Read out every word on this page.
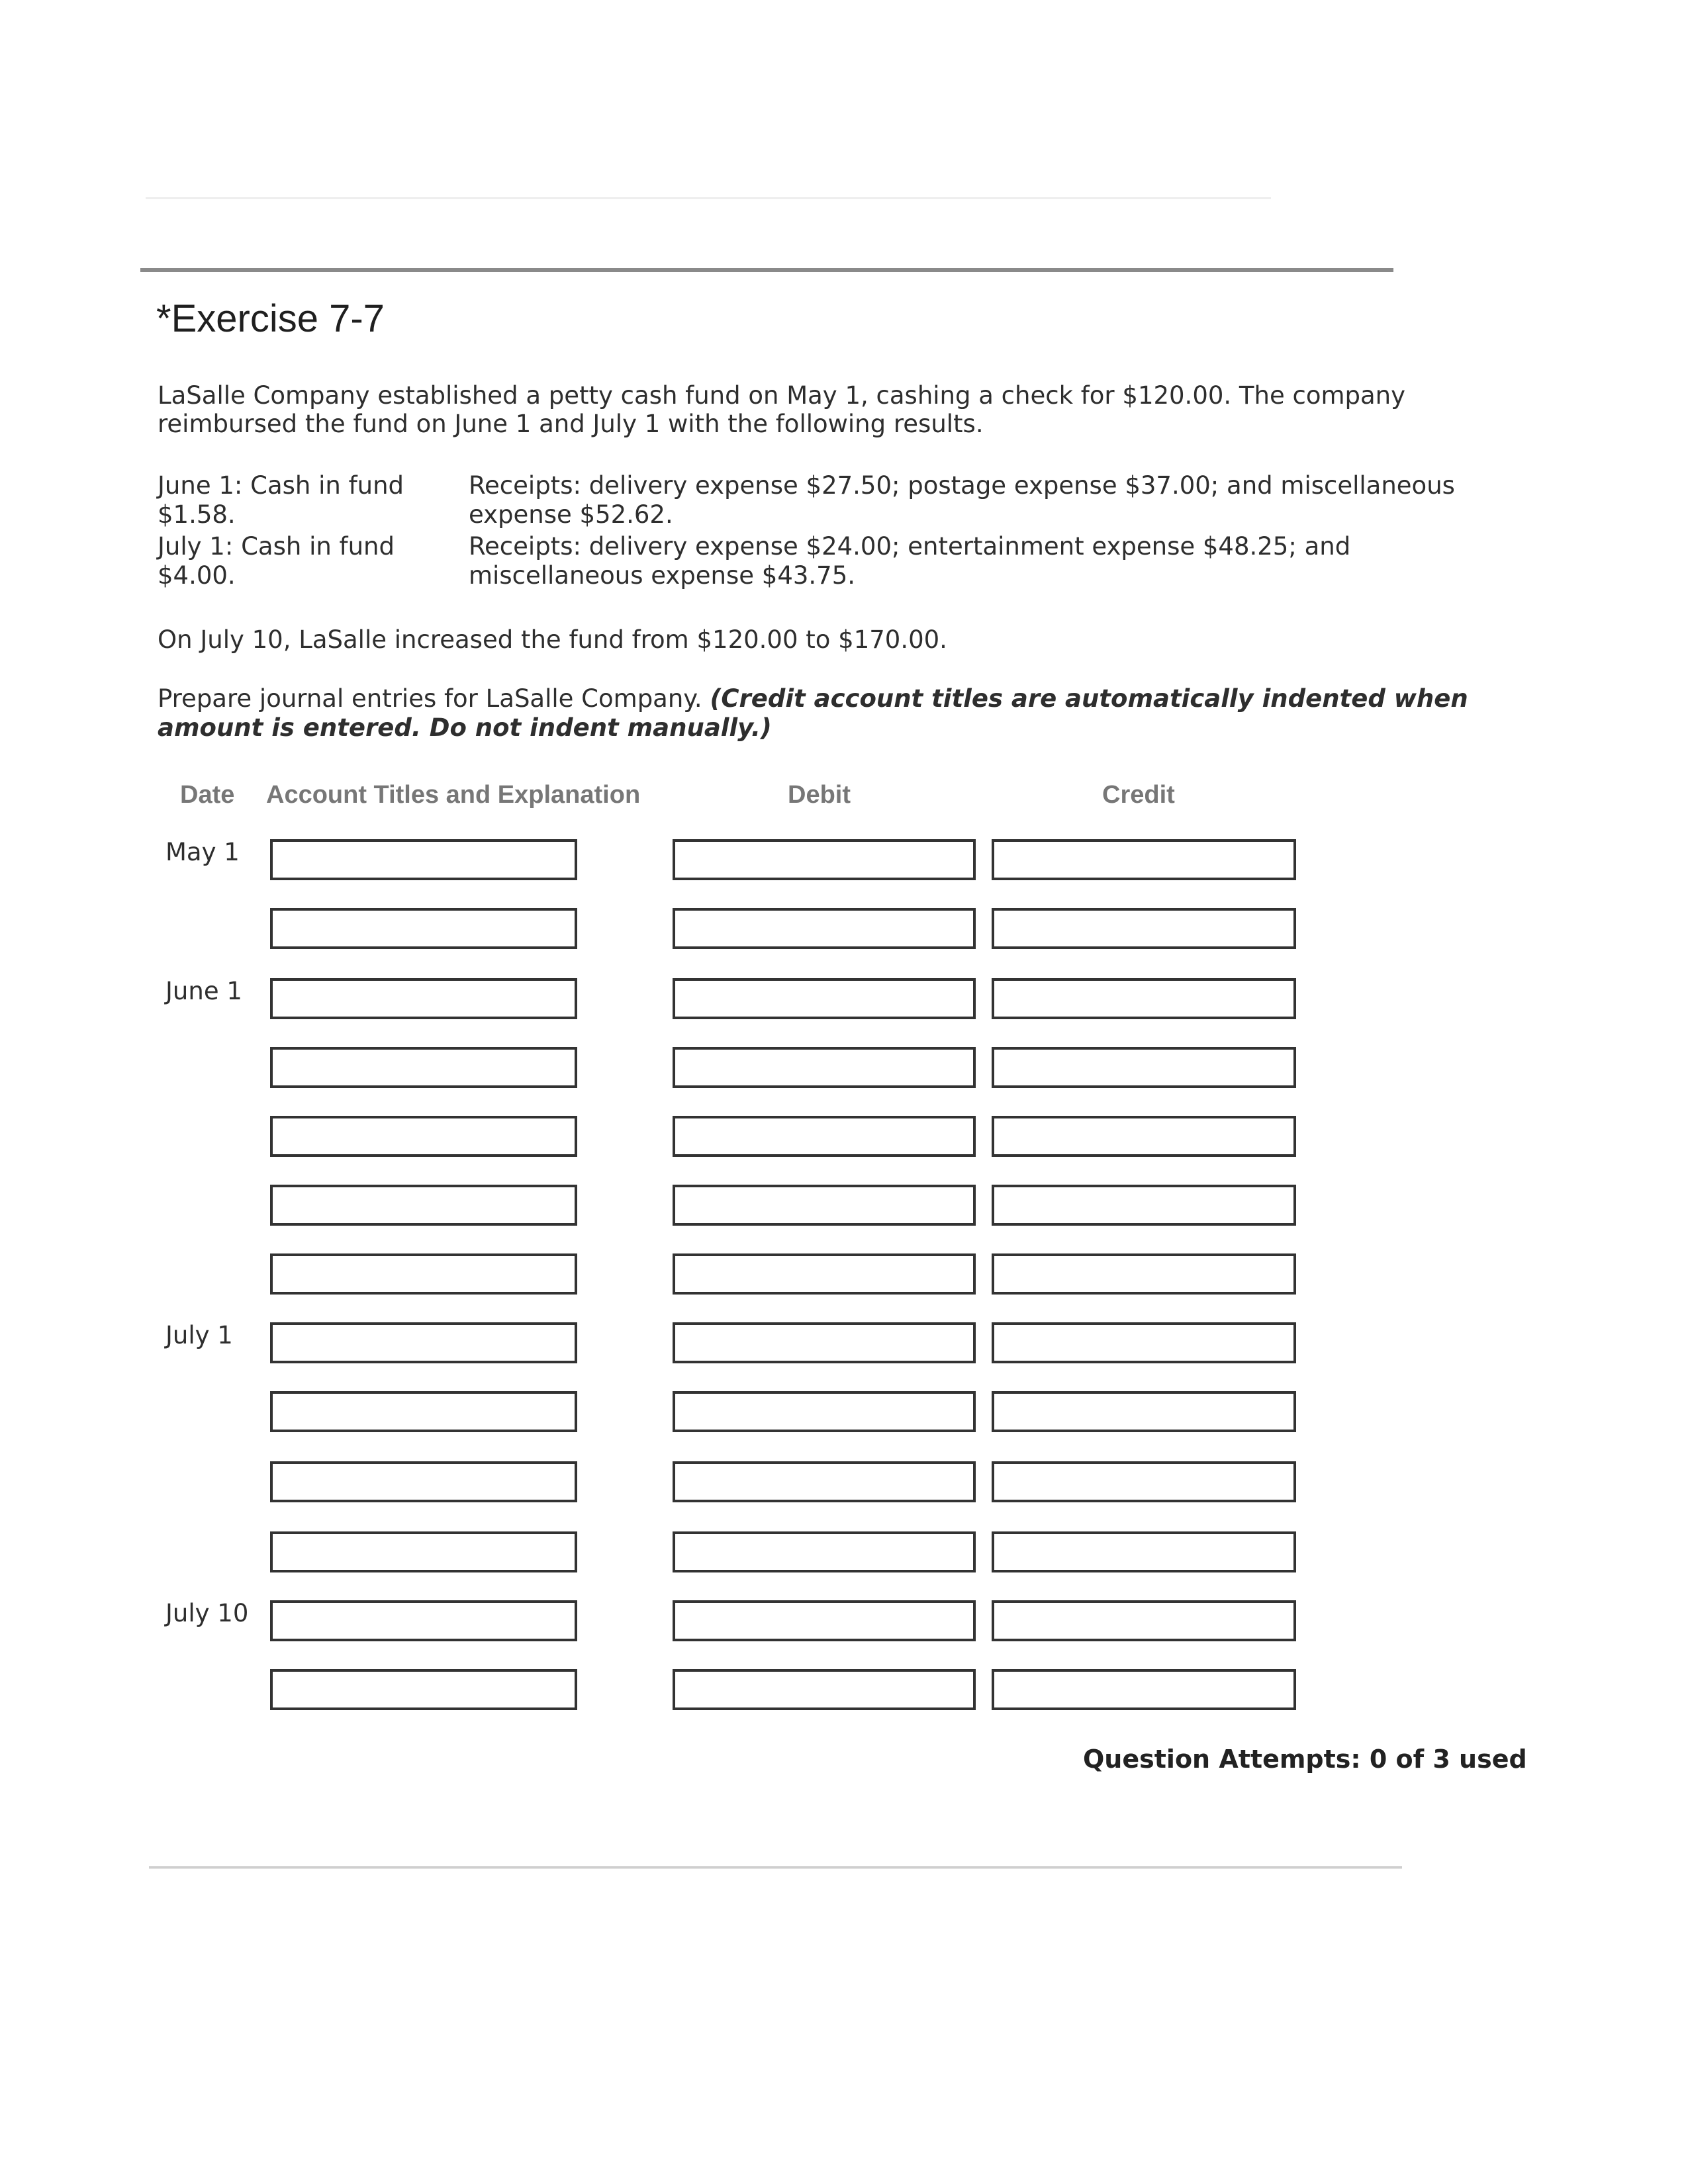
*Exercise 7-7
LaSalle Company established a petty cash fund on May 1, cashing a check for $120.00. The company reimbursed the fund on June 1 and July 1 with the following results.
June 1: Cash in fund $1.58.
Receipts: delivery expense $27.50; postage expense $37.00; and miscellaneous expense $52.62.
July 1: Cash in fund $4.00.
Receipts: delivery expense $24.00; entertainment expense $48.25; and miscellaneous expense $43.75.
On July 10, LaSalle increased the fund from $120.00 to $170.00.
Prepare journal entries for LaSalle Company. (Credit account titles are automatically indented when amount is entered. Do not indent manually.)
Date Account Titles and Explanation	Debit	Credit
May 1
June 1
July 1
July 10
Question Attempts: 0 of 3 used
